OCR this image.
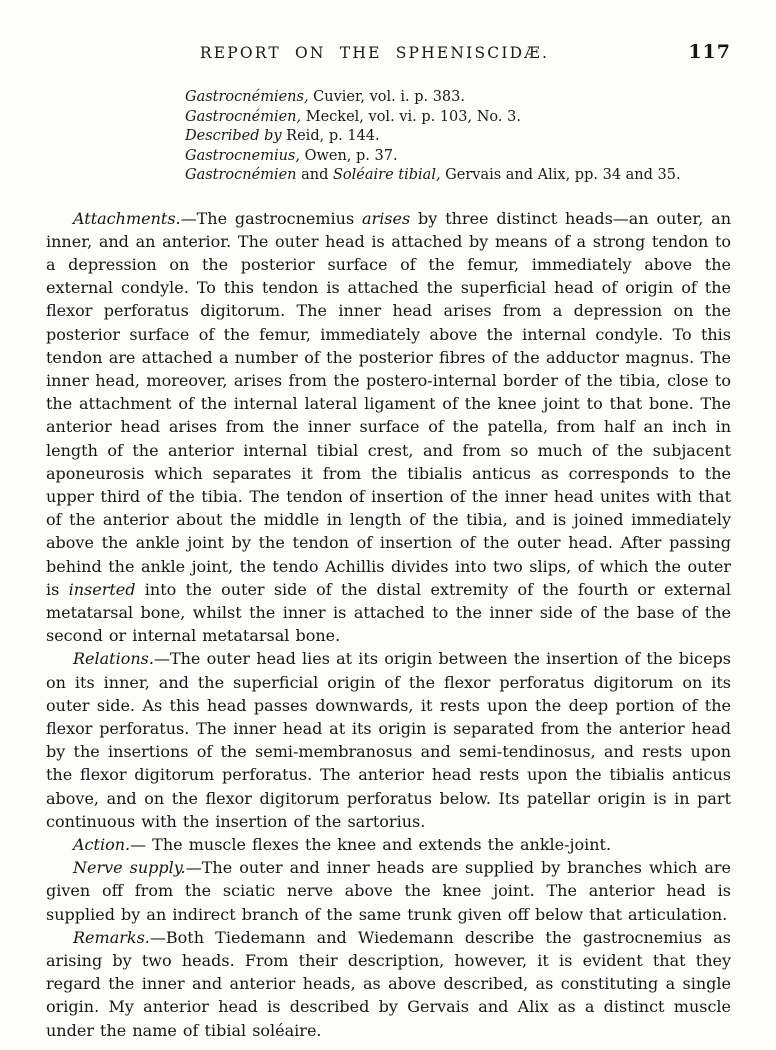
REPORT ON THE SPHENISCIDÆ.	117
Gastrocnémiens, Cuvier, vol. i. p. 383.
Gastrocnémien, Meckel, vol. vi. p. 103, No. 3.
Described by Reid, p. 144.
Gastrocnemius, Owen, p. 37.
Gastrocnémien and Soléaire tibial, Gervais and Alix, pp. 34 and 35.

Attachments.—The gastrocnemius arises by three distinct heads—an outer, an inner, and an anterior. The outer head is attached by means of a strong tendon to a depression on the posterior surface of the femur, immediately above the external condyle. To this tendon is attached the superficial head of origin of the flexor perforatus digitorum. The inner head arises from a depression on the posterior surface of the femur, immediately above the internal condyle. To this tendon are attached a number of the posterior fibres of the adductor magnus. The inner head, moreover, arises from the postero-internal border of the tibia, close to the attachment of the internal lateral ligament of the knee joint to that bone. The anterior head arises from the inner surface of the patella, from half an inch in length of the anterior internal tibial crest, and from so much of the subjacent aponeurosis which separates it from the tibialis anticus as corresponds to the upper third of the tibia. The tendon of insertion of the inner head unites with that of the anterior about the middle in length of the tibia, and is joined immediately above the ankle joint by the tendon of insertion of the outer head. After passing behind the ankle joint, the tendo Achillis divides into two slips, of which the outer is inserted into the outer side of the distal extremity of the fourth or external metatarsal bone, whilst the inner is attached to the inner side of the base of the second or internal metatarsal bone.

Relations.—The outer head lies at its origin between the insertion of the biceps on its inner, and the superficial origin of the flexor perforatus digitorum on its outer side. As this head passes downwards, it rests upon the deep portion of the flexor perforatus. The inner head at its origin is separated from the anterior head by the insertions of the semi-membranosus and semi-tendinosus, and rests upon the flexor digitorum perforatus. The anterior head rests upon the tibialis anticus above, and on the flexor digitorum perforatus below. Its patellar origin is in part continuous with the insertion of the sartorius.

Action.— The muscle flexes the knee and extends the ankle-joint.

Nerve supply.—The outer and inner heads are supplied by branches which are given off from the sciatic nerve above the knee joint. The anterior head is supplied by an indirect branch of the same trunk given off below that articulation.

Remarks.—Both Tiedemann and Wiedemann describe the gastrocnemius as arising by two heads. From their description, however, it is evident that they regard the inner and anterior heads, as above described, as constituting a single origin. My anterior head is described by Gervais and Alix as a distinct muscle under the name of tibial soléaire.
